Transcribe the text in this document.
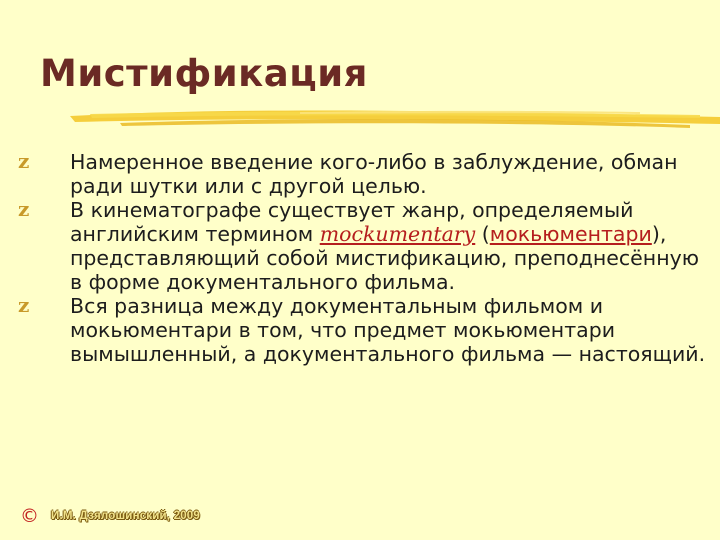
Мистификация
z Намеренное введение кого-либо в заблуждение, обман ради шутки или с другой целью.
z В кинематографе существует жанр, определяемый английским термином mockumentary (мокьюментари), представляющий собой мистификацию, преподнесённую в форме документального фильма.
z Вся разница между документальным фильмом и мокьюментари в том, что предмет мокьюментари вымышленный, а документального фильма — настоящий.
© И.М. Дзялошинский, 2009
